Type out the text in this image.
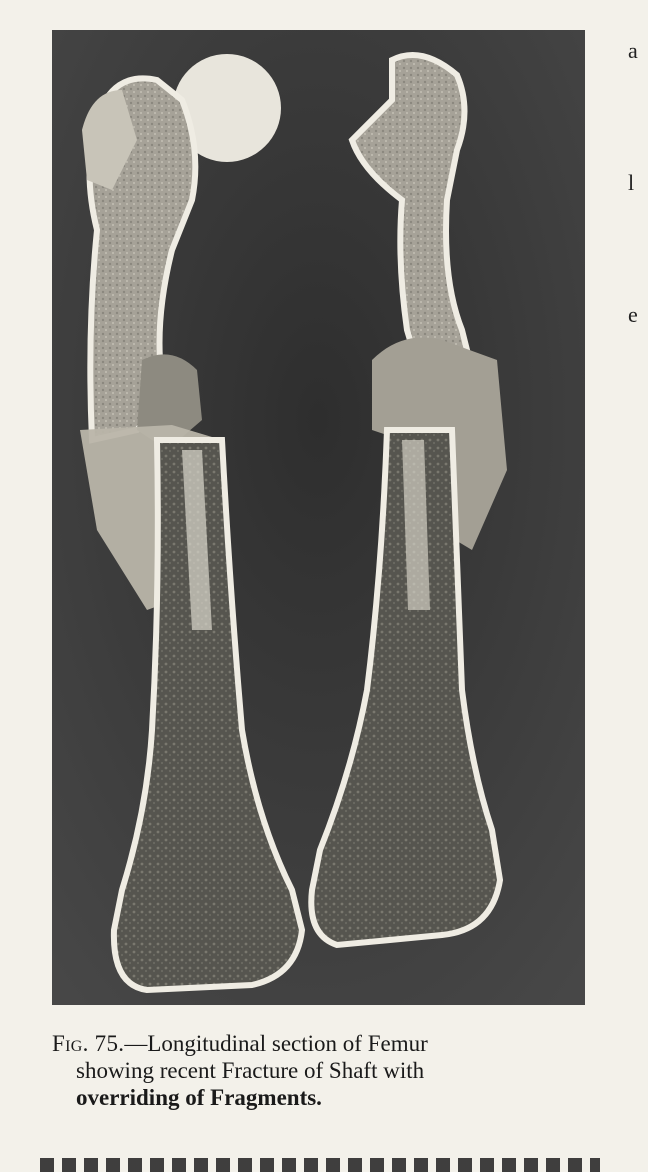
a
l
e
Fig. 75.—Longitudinal section of Femur
showing recent Fracture of Shaft with
overriding of Fragments.
